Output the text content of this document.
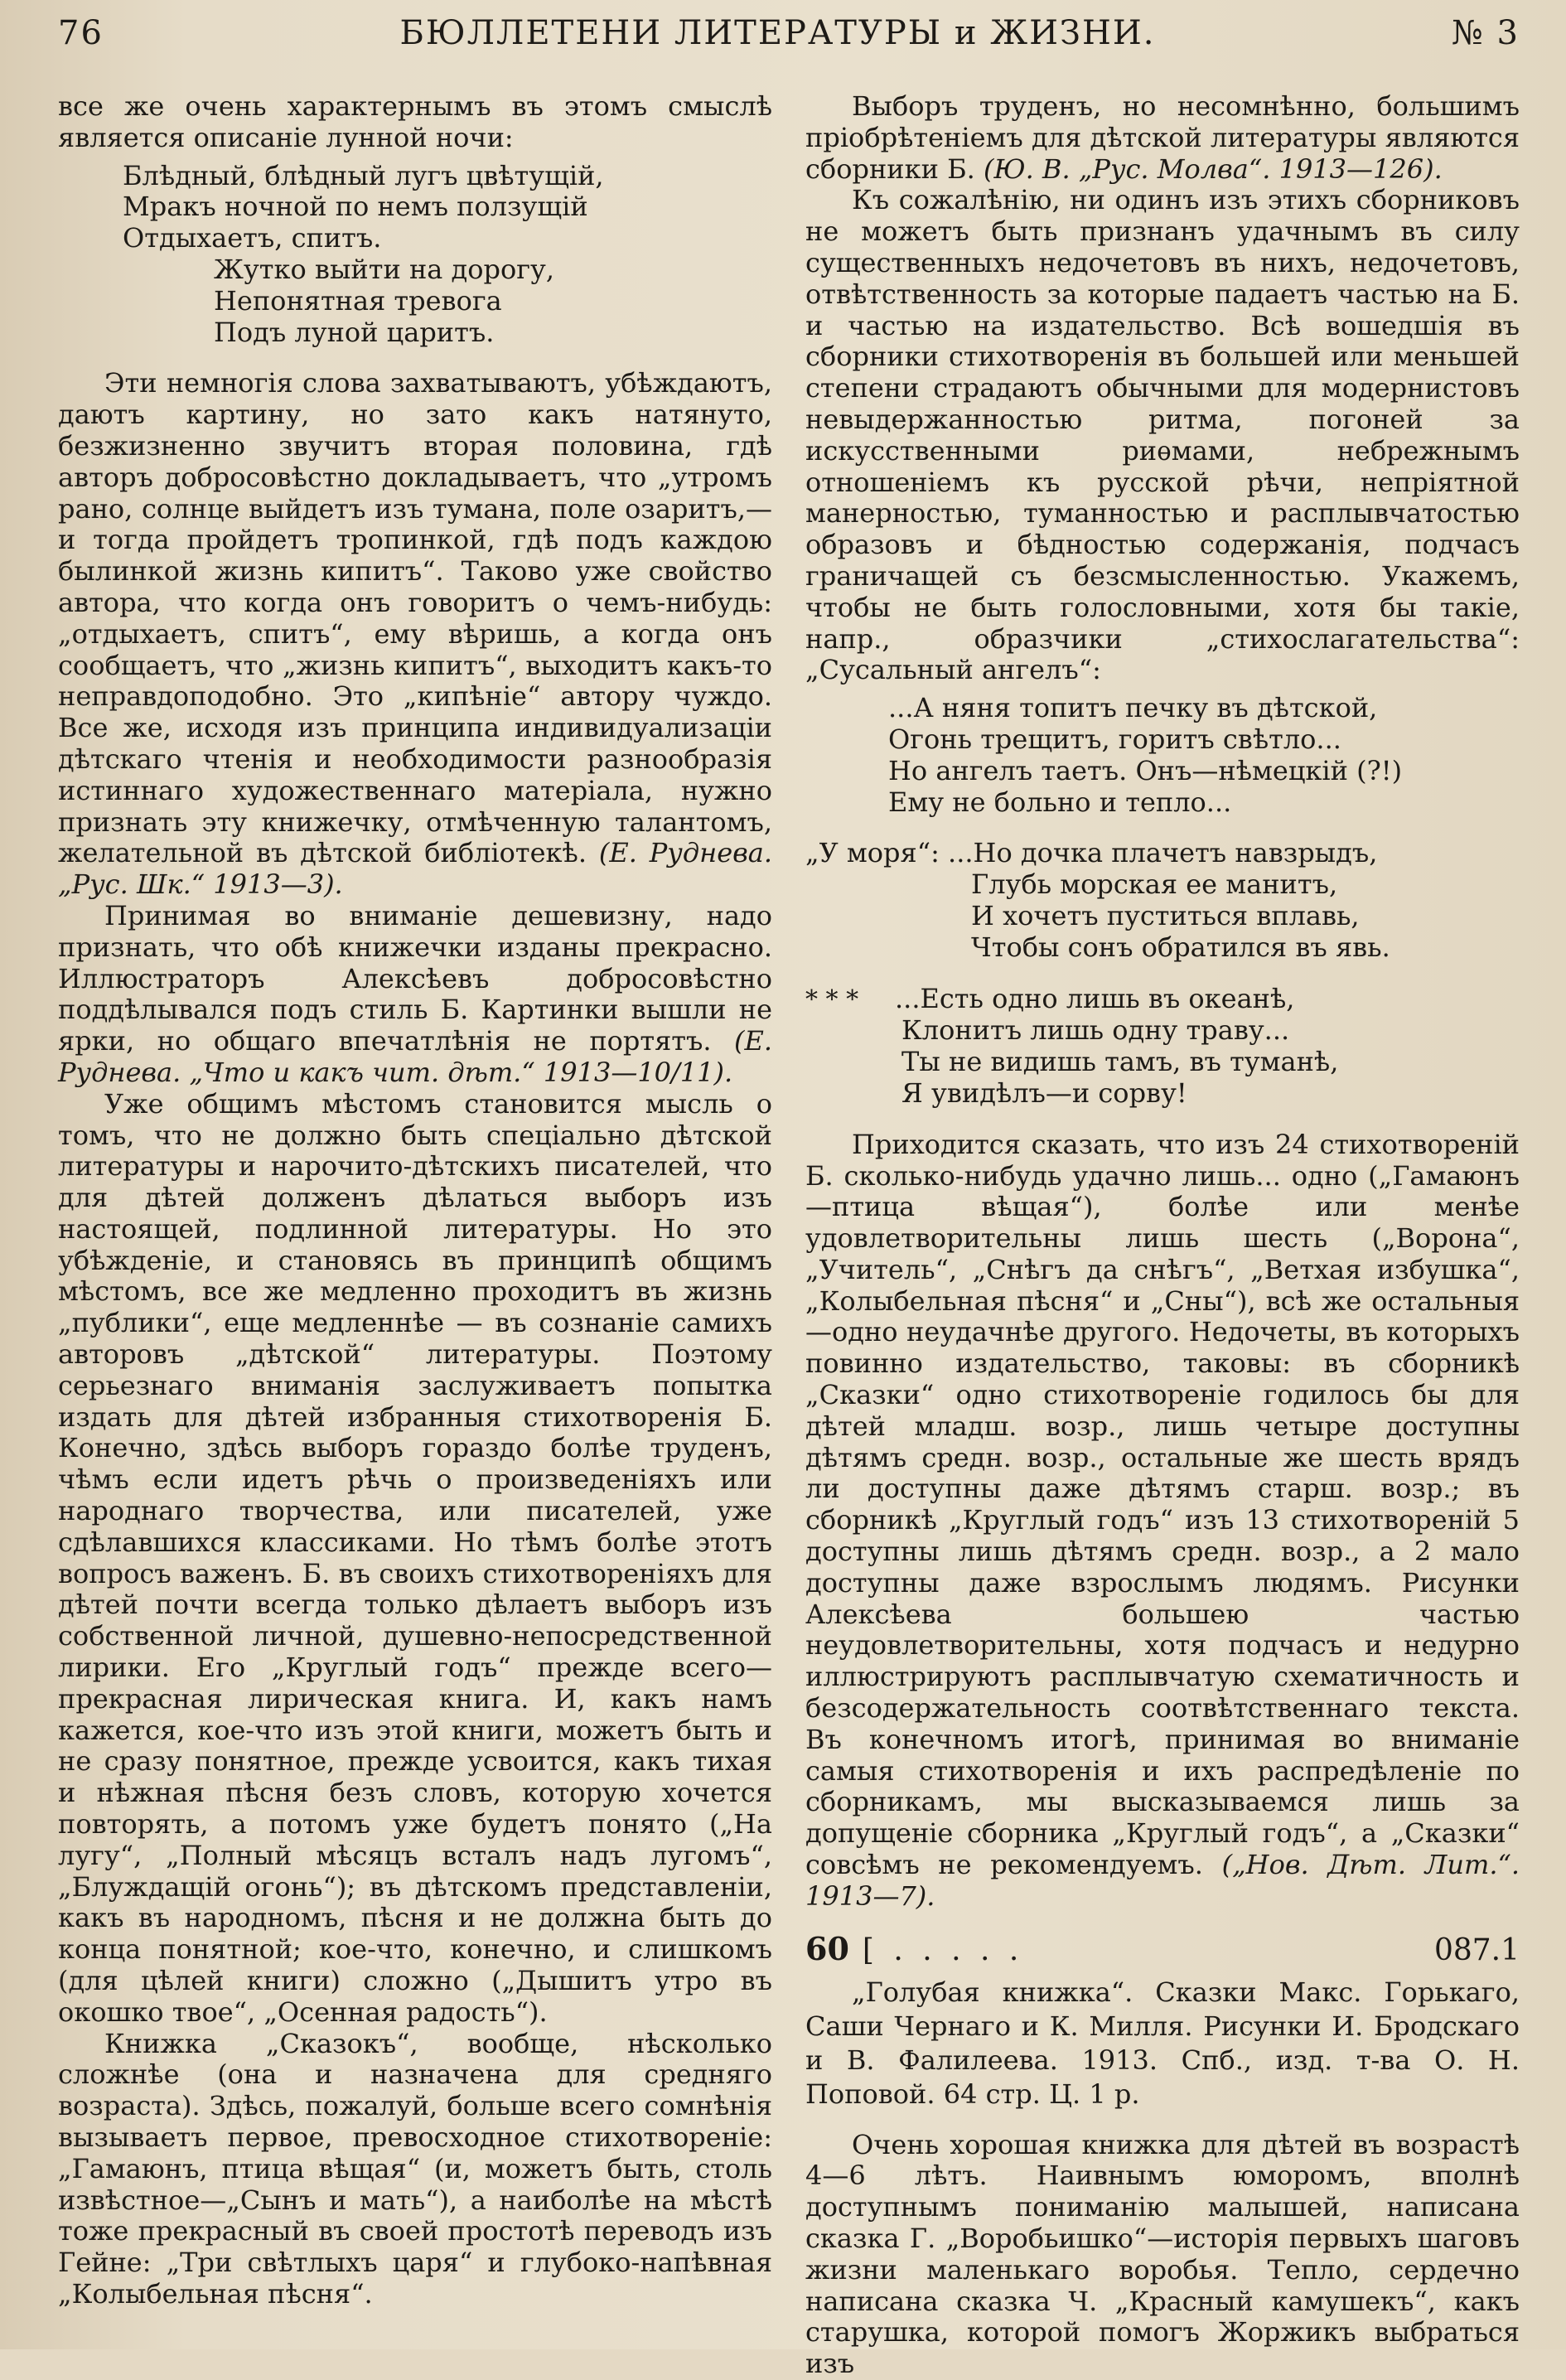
76	БЮЛЛЕТЕНИ ЛИТЕРАТУРЫ и ЖИЗНИ.	№ 3

все же очень характернымъ въ этомъ смыслѣ является описаніе лунной ночи:

Блѣдный, блѣдный лугъ цвѣтущій,
Мракъ ночной по немъ ползущій
Отдыхаетъ, спитъ.
Жутко выйти на дорогу,
Непонятная тревога
Подъ луной царитъ.

Эти немногія слова захватываютъ, убѣждаютъ, даютъ картину, но зато какъ натянуто, безжизненно звучитъ вторая половина, гдѣ авторъ добросовѣстно докладываетъ, что „утромъ рано, солнце выйдетъ изъ тумана, поле озаритъ,—и тогда пройдетъ тропинкой, гдѣ подъ каждою былинкой жизнь кипитъ“. Таково уже свойство автора, что когда онъ говоритъ о чемъ-нибудь: „отдыхаетъ, спитъ“, ему вѣришь, а когда онъ сообщаетъ, что „жизнь кипитъ“, выходитъ какъ-то неправдоподобно. Это „кипѣніе“ автору чуждо. Все же, исходя изъ принципа индивидуализаціи дѣтскаго чтенія и необходимости разнообразія истиннаго художественнаго матеріала, нужно признать эту книжечку, отмѣченную талантомъ, желательной въ дѣтской библіотекѣ. (Е. Руднева. „Рус. Шк.“ 1913—3).

Принимая во вниманіе дешевизну, надо признать, что обѣ книжечки изданы прекрасно. Иллюстраторъ Алексѣевъ добросовѣстно поддѣлывался подъ стиль Б. Картинки вышли не ярки, но общаго впечатлѣнія не портятъ. (Е. Руднева. „Что и какъ чит. дѣт.“ 1913—10/11).

Уже общимъ мѣстомъ становится мысль о томъ, что не должно быть спеціально дѣтской литературы и нарочито-дѣтскихъ писателей, что для дѣтей долженъ дѣлаться выборъ изъ настоящей, подлинной литературы. Но это убѣжденіе, и становясь въ принципѣ общимъ мѣстомъ, все же медленно проходитъ въ жизнь „публики“, еще медленнѣе — въ сознаніе самихъ авторовъ „дѣтской“ литературы. Поэтому серьезнаго вниманія заслуживаетъ попытка издать для дѣтей избранныя стихотворенія Б. Конечно, здѣсь выборъ гораздо болѣе труденъ, чѣмъ если идетъ рѣчь о произведеніяхъ или народнаго творчества, или писателей, уже сдѣлавшихся классиками. Но тѣмъ болѣе этотъ вопросъ важенъ. Б. въ своихъ стихотвореніяхъ для дѣтей почти всегда только дѣлаетъ выборъ изъ собственной личной, душевно-непосредственной лирики. Его „Круглый годъ“ прежде всего—прекрасная лирическая книга. И, какъ намъ кажется, кое-что изъ этой книги, можетъ быть и не сразу понятное, прежде усвоится, какъ тихая и нѣжная пѣсня безъ словъ, которую хочется повторять, а потомъ уже будетъ понято („На лугу“, „Полный мѣсяцъ всталъ надъ лугомъ“, „Блуждащій огонь“); въ дѣтскомъ представленіи, какъ въ народномъ, пѣсня и не должна быть до конца понятной; кое-что, конечно, и слишкомъ (для цѣлей книги) сложно („Дышитъ утро въ окошко твое“, „Осенная радость“).

Книжка „Сказокъ“, вообще, нѣсколько сложнѣе (она и назначена для средняго возраста). Здѣсь, пожалуй, больше всего сомнѣнія вызываетъ первое, превосходное стихотвореніе: „Гамаюнъ, птица вѣщая“ (и, можетъ быть, столь извѣстное—„Сынъ и мать“), а наиболѣе на мѣстѣ тоже прекрасный въ своей простотѣ переводъ изъ Гейне: „Три свѣтлыхъ царя“ и глубоко-напѣвная „Колыбельная пѣсня“.

Выборъ труденъ, но несомнѣнно, большимъ пріобрѣтеніемъ для дѣтской литературы являются сборники Б. (Ю. В. „Рус. Молва“. 1913—126).

Къ сожалѣнію, ни одинъ изъ этихъ сборниковъ не можетъ быть признанъ удачнымъ въ силу существенныхъ недочетовъ въ нихъ, недочетовъ, отвѣтственность за которые падаетъ частью на Б. и частью на издательство. Всѣ вошедшія въ сборники стихотворенія въ большей или меньшей степени страдаютъ обычными для модернистовъ невыдержанностью ритма, погоней за искусственными риѳмами, небрежнымъ отношеніемъ къ русской рѣчи, непріятной манерностью, туманностью и расплывчатостью образовъ и бѣдностью содержанія, подчасъ граничащей съ безсмысленностью. Укажемъ, чтобы не быть голословными, хотя бы такіе, напр., образчики „стихослагательства“: „Сусальный ангелъ“:

...А няня топитъ печку въ дѣтской,
Огонь трещитъ, горитъ свѣтло...
Но ангелъ таетъ. Онъ—нѣмецкій (?!)
Ему не больно и тепло...
„У моря“: ...Но дочка плачетъ навзрыдъ,
Глубь морская ее манитъ,
И хочетъ пуститься вплавь,
Чтобы сонъ обратился въ явь.
* * * ...Есть одно лишь въ океанѣ,
Клонитъ лишь одну траву...
Ты не видишь тамъ, въ туманѣ,
Я увидѣлъ—и сорву!

Приходится сказать, что изъ 24 стихотвореній Б. сколько-нибудь удачно лишь... одно („Гамаюнъ—птица вѣщая“), болѣе или менѣе удовлетворительны лишь шесть („Ворона“, „Учитель“, „Снѣгъ да снѣгъ“, „Ветхая избушка“, „Колыбельная пѣсня“ и „Сны“), всѣ же остальныя—одно неудачнѣе другого. Недочеты, въ которыхъ повинно издательство, таковы: въ сборникѣ „Сказки“ одно стихотвореніе годилось бы для дѣтей младш. возр., лишь четыре доступны дѣтямъ средн. возр., остальные же шесть врядъ ли доступны даже дѣтямъ старш. возр.; въ сборникѣ „Круглый годъ“ изъ 13 стихотвореній 5 доступны лишь дѣтямъ средн. возр., а 2 мало доступны даже взрослымъ людямъ. Рисунки Алексѣева большею частью неудовлетворительны, хотя подчасъ и недурно иллюстрируютъ расплывчатую схематичность и безсодержательность соотвѣтственнаго текста. Въ конечномъ итогѣ, принимая во вниманіе самыя стихотворенія и ихъ распредѣленіе по сборникамъ, мы высказываемся лишь за допущеніе сборника „Круглый годъ“, а „Сказки“ совсѣмъ не рекомендуемъ. („Нов. Дѣт. Лит.“. 1913—7).

60 [ . . . . .	087.1
„Голубая книжка“. Сказки Макс. Горькаго, Саши Чернаго и К. Милля. Рисунки И. Бродскаго и В. Фалилеева. 1913. Спб., изд. т-ва О. Н. Поповой. 64 стр. Ц. 1 р.

Очень хорошая книжка для дѣтей въ возрастѣ 4—6 лѣтъ. Наивнымъ юморомъ, вполнѣ доступнымъ пониманію малышей, написана сказка Г. „Воробьишко“—исторія первыхъ шаговъ жизни маленькаго воробья. Тепло, сердечно написана сказка Ч. „Красный камушекъ“, какъ старушка, которой помогъ Жоржикъ выбраться изъ
